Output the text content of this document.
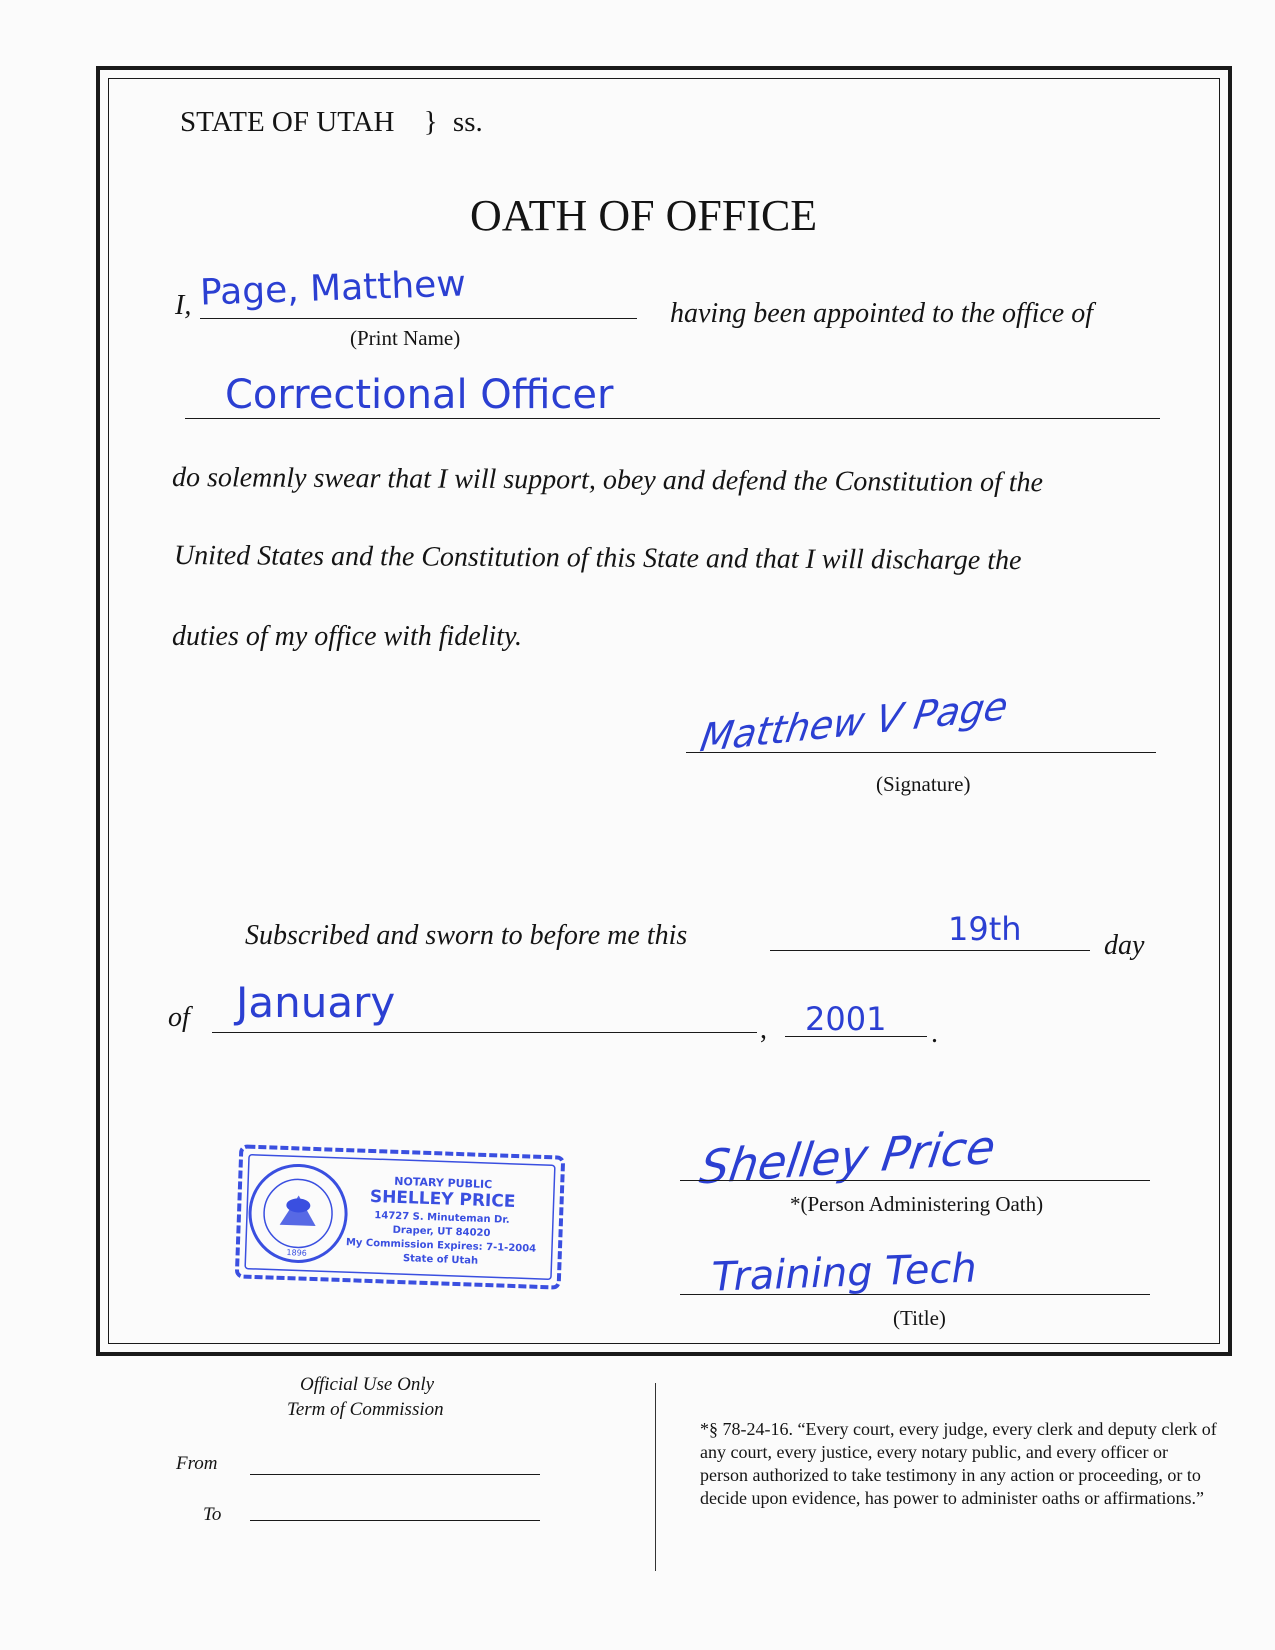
STATE OF UTAH } ss.
OATH OF OFFICE
I, Page, Matthew
(Print Name)
having been appointed to the office of
Correctional Officer
do solemnly swear that I will support, obey and defend the Constitution of the
United States and the Constitution of this State and that I will discharge the
duties of my office with fidelity.
Matthew V Page
(Signature)
Subscribed and sworn to before me this	19th	day
of January
, 2001 .
1896
NOTARY PUBLIC
SHELLEY PRICE
14727 S. Minuteman Dr.
Draper, UT 84020
My Commission Expires: 7-1-2004
State of Utah
Shelley Price
*(Person Administering Oath)
Training Tech
(Title)
Official Use Only
Term of Commission
From
To
*§ 78-24-16. “Every court, every judge, every clerk and deputy clerk of any court, every justice, every notary public, and every officer or person authorized to take testimony in any action or proceeding, or to decide upon evidence, has power to administer oaths or affirmations.”
